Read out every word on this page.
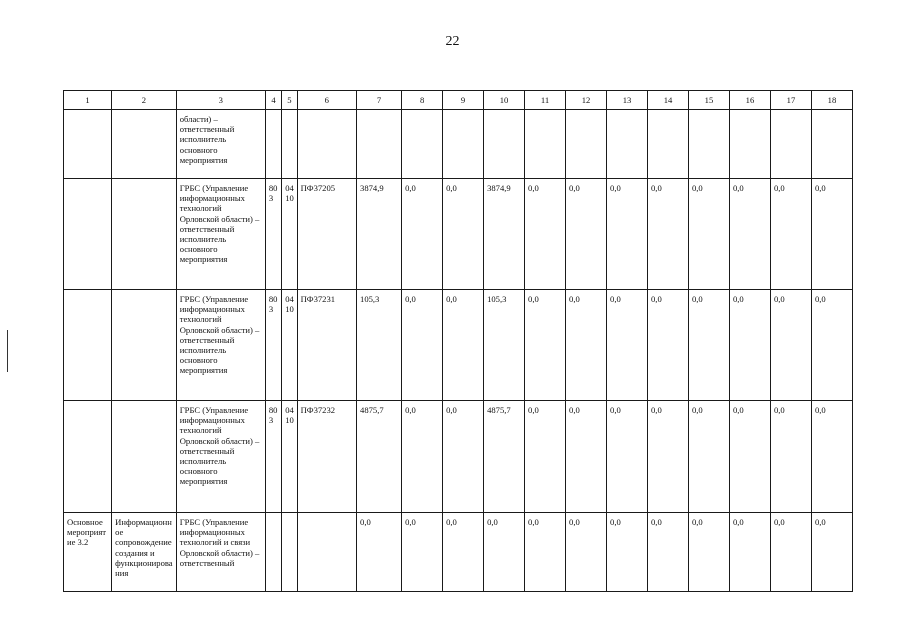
22
1	2	3	4	5	6	7	8	9	10	11	12	13	14	15	16	17	18
		области) – ответственный исполнитель основного мероприятия															
		ГРБС (Управление информационных технологий Орловской области) – ответственный исполнитель основного мероприятия	803	04 10	ПФ37205	3874,9	0,0	0,0	3874,9	0,0	0,0	0,0	0,0	0,0	0,0	0,0	0,0
		ГРБС (Управление информационных технологий Орловской области) – ответственный исполнитель основного мероприятия	803	04 10	ПФ37231	105,3	0,0	0,0	105,3	0,0	0,0	0,0	0,0	0,0	0,0	0,0	0,0
		ГРБС (Управление информационных технологий Орловской области) – ответственный исполнитель основного мероприятия	803	04 10	ПФ37232	4875,7	0,0	0,0	4875,7	0,0	0,0	0,0	0,0	0,0	0,0	0,0	0,0
Основное мероприятие 3.2	Информационное сопровождение создания и функционирования	ГРБС (Управление информационных технологий и связи Орловской области) – ответственный				0,0	0,0	0,0	0,0	0,0	0,0	0,0	0,0	0,0	0,0	0,0	0,0
